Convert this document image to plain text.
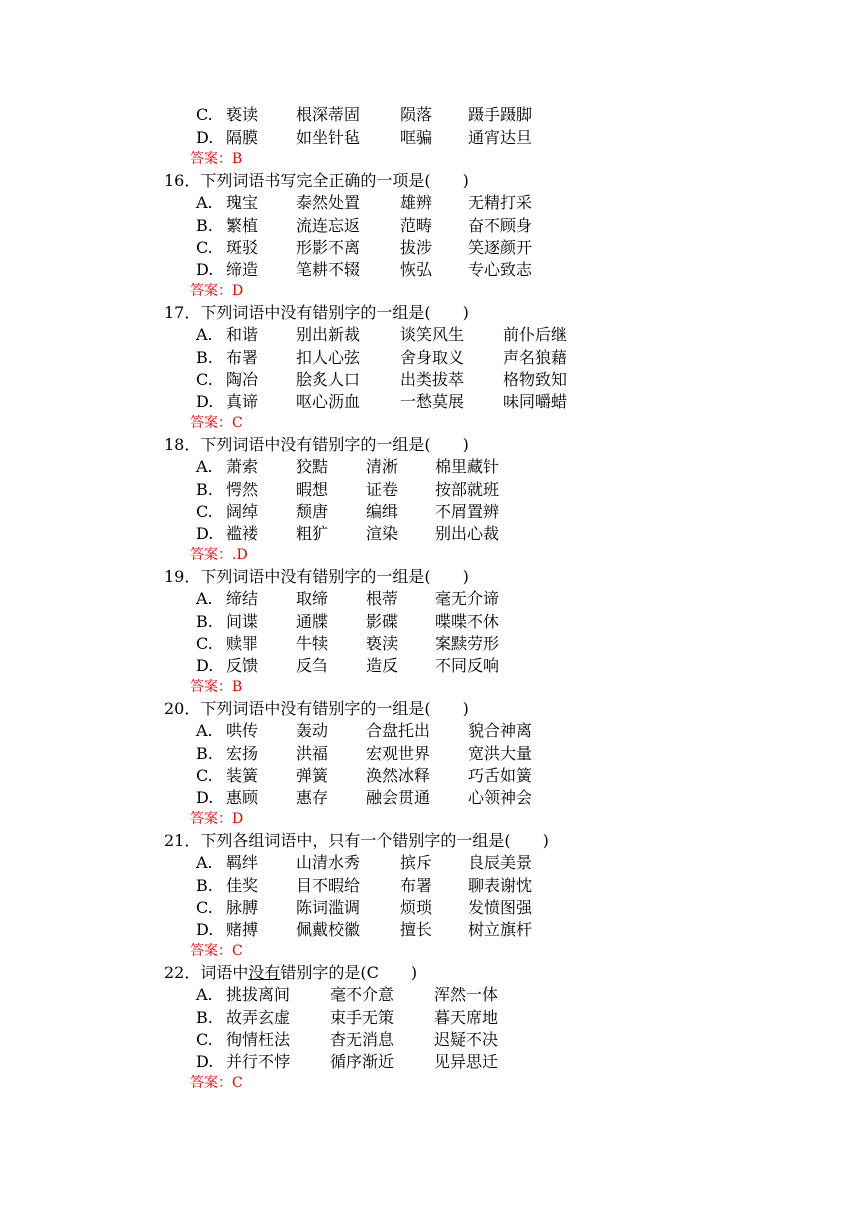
C. 亵读 根深蒂固 陨落 蹑手蹑脚
D. 隔膜 如坐针毡 哐骗 通宵达旦
答案：B
16．下列词语书写完全正确的一项是(　　)
A. 瑰宝 泰然处置 雄辨 无精打采
B. 繁植 流连忘返 范畴 奋不顾身
C. 斑驳 形影不离 拔涉 笑逐颜开
D. 缔造 笔耕不辍 恢弘 专心致志
答案：D
17．下列词语中没有错别字的一组是(　　)
A. 和谐 别出新裁 谈笑风生 前仆后继
B. 布署 扣人心弦 舍身取义 声名狼藉
C. 陶冶 脍炙人口 出类拔萃 格物致知
D. 真谛 呕心沥血 一愁莫展 味同嚼蜡
答案：C
18．下列词语中没有错别字的一组是(　　)
A. 萧索 狡黠 清淅 棉里藏针
B. 愕然 暇想 证卷 按部就班
C. 阔绰 颓唐 编缉 不屑置辨
D. 褴褛 粗犷 渲染 别出心裁
答案：.D
19．下列词语中没有错别字的一组是(　　)
A. 缔结 取缔 根蒂 毫无介谛
B. 间谍 通牒 影碟 喋喋不休
C. 赎罪 牛犊 亵渎 案黩劳形
D. 反馈 反刍 造反 不同反响
答案：B
20．下列词语中没有错别字的一组是(　　)
A. 哄传 轰动 合盘托出 貌合神离
B. 宏扬 洪福 宏观世界 宽洪大量
C. 装簧 弹簧 涣然冰释 巧舌如簧
D. 惠顾 惠存 融会贯通 心领神会
答案：D
21．下列各组词语中，只有一个错别字的一组是(　　)
A. 羁绊 山清水秀 摈斥 良辰美景
B. 佳奖 目不暇给 布署 聊表谢忱
C. 脉膊 陈词滥调 烦琐 发愤图强
D. 赌搏 佩戴校徽 擅长 树立旗杆
答案：C
22．词语中没有错别字的是(C　　)
A. 挑拔离间 毫不介意 浑然一体
B. 故弄玄虚 束手无策 暮天席地
C. 徇情枉法 杳无消息 迟疑不决
D. 并行不悖 循序渐近 见异思迁
答案：C
